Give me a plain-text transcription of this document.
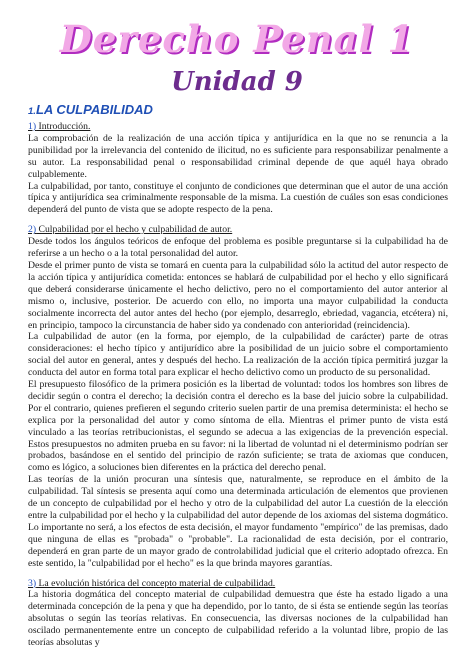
Derecho Penal 1
Unidad 9
1.LA CULPABILIDAD
1) Introducción.

La comprobación de la realización de una acción típica y antijurídica en la que no se renuncia a la punibilidad por la irrelevancia del contenido de ilicitud, no es suficiente para responsabilizar penalmente a su autor. La responsabilidad penal o responsabilidad criminal depende de que aquél haya obrado culpablemente.

La culpabilidad, por tanto, constituye el conjunto de condiciones que determinan que el autor de una acción típica y antijurídica sea criminalmente responsable de la misma. La cuestión de cuáles son esas condiciones dependerá del punto de vista que se adopte respecto de la pena.

2) Culpabilidad por el hecho y culpabilidad de autor.

Desde todos los ángulos teóricos de enfoque del problema es posible preguntarse si la culpabilidad ha de referirse a un hecho o a la total personalidad del autor.

Desde el primer punto de vista se tomará en cuenta para la culpabilidad sólo la actitud del autor respecto de la acción típica y antijurídica cometida: entonces se hablará de culpabilidad por el hecho y ello significará que deberá considerarse únicamente el hecho delictivo, pero no el comportamiento del autor anterior al mismo o, inclusive, posterior. De acuerdo con ello, no importa una mayor culpabilidad la conducta socialmente incorrecta del autor antes del hecho (por ejemplo, desarreglo, ebriedad, vagancia, etcétera) ni, en principio, tampoco la circunstancia de haber sido ya condenado con anterioridad (reincidencia).

La culpabilidad de autor (en la forma, por ejemplo, de la culpabilidad de carácter) parte de otras consideraciones: el hecho típico y antijurídico abre la posibilidad de un juicio sobre el comportamiento social del autor en general, antes y después del hecho. La realización de la acción típica permitirá juzgar la conducta del autor en forma total para explicar el hecho delictivo como un producto de su personalidad.

El presupuesto filosófico de la primera posición es la libertad de voluntad: todos los hombres son libres de decidir según o contra el derecho; la decisión contra el derecho es la base del juicio sobre la culpabilidad. Por el contrario, quienes prefieren el segundo criterio suelen partir de una premisa determinista: el hecho se explica por la personalidad del autor y como síntoma de ella. Mientras el primer punto de vista está vinculado a las teorías retribucionistas, el segundo se adecua a las exigencias de la prevención especial. Estos presupuestos no admiten prueba en su favor: ni la libertad de voluntad ni el determinismo podrían ser probados, basándose en el sentido del principio de razón suficiente; se trata de axiomas que conducen, como es lógico, a soluciones bien diferentes en la práctica del derecho penal.

Las teorías de la unión procuran una síntesis que, naturalmente, se reproduce en el ámbito de la culpabilidad. Tal síntesis se presenta aquí como una determinada articulación de elementos que provienen de un concepto de culpabilidad por el hecho y otro de la culpabilidad del autor La cuestión de la elección entre la culpabilidad por el hecho y la culpabilidad del autor depende de los axiomas del sistema dogmático. Lo importante no será, a los efectos de esta decisión, el mayor fundamento "empírico" de las premisas, dado que ninguna de ellas es "probada" o "probable". La racionalidad de esta decisión, por el contrario, dependerá en gran parte de un mayor grado de controlabilidad judicial que el criterio adoptado ofrezca. En este sentido, la "culpabilidad por el hecho" es la que brinda mayores garantías.

3) La evolución histórica del concepto material de culpabilidad.

La historia dogmática del concepto material de culpabilidad demuestra que éste ha estado ligado a una determinada concepción de la pena y que ha dependido, por lo tanto, de si ésta se entiende según las teorías absolutas o según las teorías relativas. En consecuencia, las diversas nociones de la culpabilidad han oscilado permanentemente entre un concepto de culpabilidad referido a la voluntad libre, propio de las teorías absolutas y
